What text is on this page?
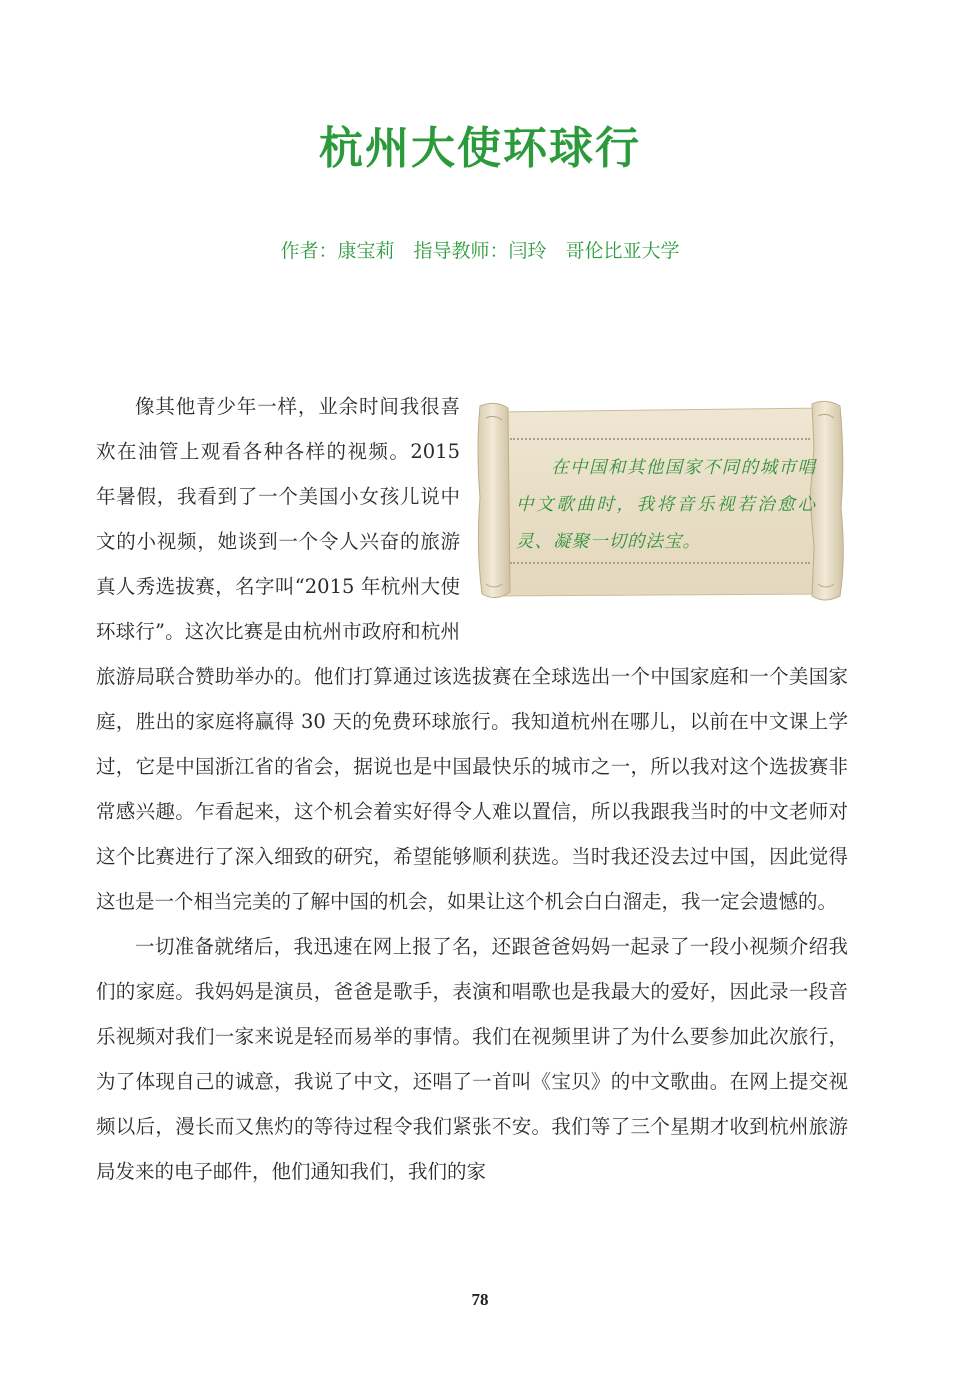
杭州大使环球行
作者：康宝莉　指导教师：闫玲　哥伦比亚大学
在中国和其他国家不同的城市唱中文歌曲时，我将音乐视若治愈心灵、凝聚一切的法宝。

像其他青少年一样，业余时间我很喜欢在油管上观看各种各样的视频。2015 年暑假，我看到了一个美国小女孩儿说中文的小视频，她谈到一个令人兴奋的旅游真人秀选拔赛，名字叫“2015 年杭州大使环球行”。这次比赛是由杭州市政府和杭州旅游局联合赞助举办的。他们打算通过该选拔赛在全球选出一个中国家庭和一个美国家庭，胜出的家庭将赢得 30 天的免费环球旅行。我知道杭州在哪儿，以前在中文课上学过，它是中国浙江省的省会，据说也是中国最快乐的城市之一，所以我对这个选拔赛非常感兴趣。乍看起来，这个机会着实好得令人难以置信，所以我跟我当时的中文老师对这个比赛进行了深入细致的研究，希望能够顺利获选。当时我还没去过中国，因此觉得这也是一个相当完美的了解中国的机会，如果让这个机会白白溜走，我一定会遗憾的。

一切准备就绪后，我迅速在网上报了名，还跟爸爸妈妈一起录了一段小视频介绍我们的家庭。我妈妈是演员，爸爸是歌手，表演和唱歌也是我最大的爱好，因此录一段音乐视频对我们一家来说是轻而易举的事情。我们在视频里讲了为什么要参加此次旅行，为了体现自己的诚意，我说了中文，还唱了一首叫《宝贝》的中文歌曲。在网上提交视频以后，漫长而又焦灼的等待过程令我们紧张不安。我们等了三个星期才收到杭州旅游局发来的电子邮件，他们通知我们，我们的家

78
